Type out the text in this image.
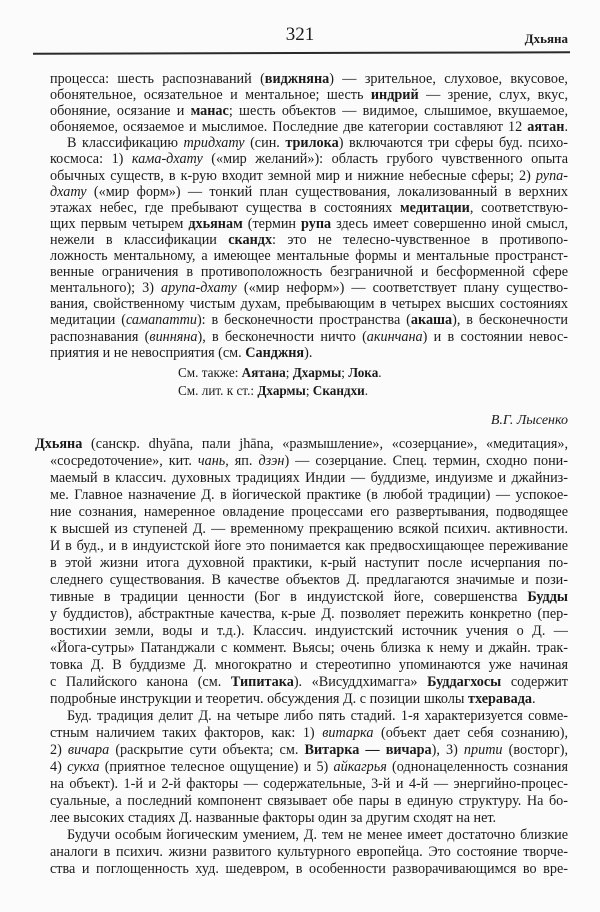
321	Дхьяна
процесса: шесть распознаваний (виджняна) — зрительное, слуховое, вкусовое,
обонятельное, осязательное и ментальное; шесть индрий — зрение, слух, вкус,
обоняние, осязание и манас; шесть объектов — видимое, слышимое, вкушаемое,
обоняемое, осязаемое и мыслимое. Последние две категории составляют 12 аятан.
В классификацию тридхату (син. трилока) включаются три сферы буд. психо-
космоса: 1) кама-дхату («мир желаний»): область грубого чувственного опыта
обычных существ, в к-рую входит земной мир и нижние небесные сферы; 2) рупа-
дхату («мир форм») — тонкий план существования, локализованный в верхних
этажах небес, где пребывают существа в состояниях медитации, соответствую-
щих первым четырем дхьянам (термин рупа здесь имеет совершенно иной смысл,
нежели в классификации скандх: это не телесно-чувственное в противопо-
ложность ментальному, а имеющее ментальные формы и ментальные пространст-
венные ограничения в противоположность безграничной и бесформенной сфере
ментального); 3) арупа-дхату («мир неформ») — соответствует плану существо-
вания, свойственному чистым духам, пребывающим в четырех высших состояниях
медитации (самапатти): в бесконечности пространства (акаша), в бесконечности
распознавания (винняна), в бесконечности ничто (акинчана) и в состоянии невос-
приятия и не невосприятия (см. Санджня).
См. также: Аятана; Дхармы; Лока.
См. лит. к ст.: Дхармы; Скандхи.
В.Г. Лысенко
Дхьяна (санскр. dhyāna, пали jhāna, «размышление», «созерцание», «медитация»,
«сосредоточение», кит. чань, яп. дзэн) — созерцание. Спец. термин, сходно пони-
маемый в классич. духовных традициях Индии — буддизме, индуизме и джайниз-
ме. Главное назначение Д. в йогической практике (в любой традиции) — успокое-
ние сознания, намеренное овладение процессами его развертывания, подводящее
к высшей из ступеней Д. — временному прекращению всякой психич. активности.
И в буд., и в индуистской йоге это понимается как предвосхищающее переживание
в этой жизни итога духовной практики, к-рый наступит после исчерпания по-
следнего существования. В качестве объектов Д. предлагаются значимые и пози-
тивные в традиции ценности (Бог в индуистской йоге, совершенства Будды
у буддистов), абстрактные качества, к-рые Д. позволяет пережить конкретно (пер-
востихии земли, воды и т.д.). Классич. индуистский источник учения о Д. —
«Йога-сутры» Патанджали с коммент. Вьясы; очень близка к нему и джайн. трак-
товка Д. В буддизме Д. многократно и стереотипно упоминаются уже начиная
с Палийского канона (см. Типитака). «Висуддхимагга» Буддагхосы содержит
подробные инструкции и теоретич. обсуждения Д. с позиции школы тхеравада.
Буд. традиция делит Д. на четыре либо пять стадий. 1-я характеризуется совме-
стным наличием таких факторов, как: 1) витарка (объект дает себя сознанию),
2) вичара (раскрытие сути объекта; см. Витарка — вичара), 3) прити (восторг),
4) сукха (приятное телесное ощущение) и 5) айкагрья (однонацеленность сознания
на объект). 1-й и 2-й факторы — содержательные, 3-й и 4-й — энергийно-процес-
суальные, а последний компонент связывает обе пары в единую структуру. На бо-
лее высоких стадиях Д. названные факторы один за другим сходят на нет.
Будучи особым йогическим умением, Д. тем не менее имеет достаточно близкие
аналоги в психич. жизни развитого культурного европейца. Это состояние творче-
ства и поглощенность худ. шедевром, в особенности разворачивающимся во вре-
